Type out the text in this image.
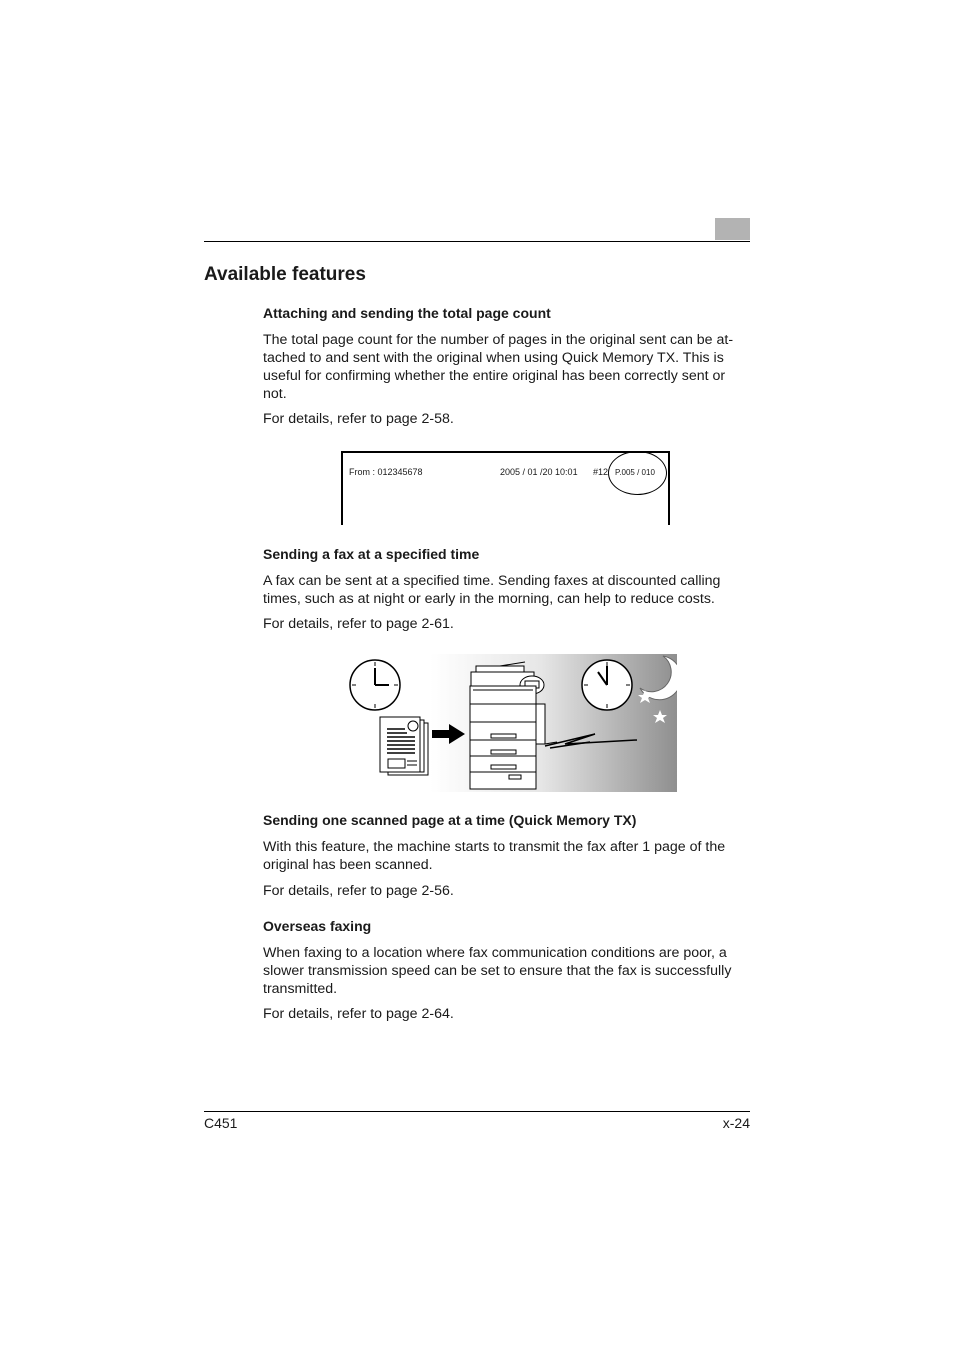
Available features
Attaching and sending the total page count
The total page count for the number of pages in the original sent can be at-
tached to and sent with the original when using Quick Memory TX. This is
useful for confirming whether the entire original has been correctly sent or
not.

For details, refer to page 2-58.

From : 012345678	2005 / 01 /20 10:01 #12 P.005 / 010
Sending a fax at a specified time
A fax can be sent at a specified time. Sending faxes at discounted calling
times, such as at night or early in the morning, can help to reduce costs.

For details, refer to page 2-61.

Sending one scanned page at a time (Quick Memory TX)
With this feature, the machine starts to transmit the fax after 1 page of the
original has been scanned.

For details, refer to page 2-56.

Overseas faxing
When faxing to a location where fax communication conditions are poor, a
slower transmission speed can be set to ensure that the fax is successfully
transmitted.

For details, refer to page 2-64.

C451	x-24
